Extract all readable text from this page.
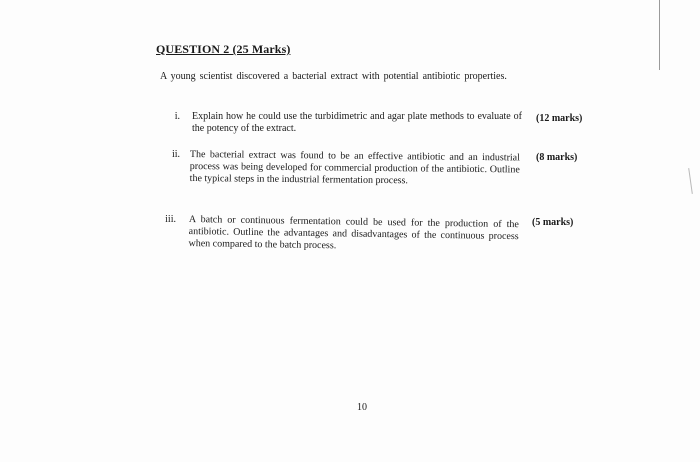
QUESTION 2 (25 Marks)
A young scientist discovered a bacterial extract with potential antibiotic properties.
i. Explain how he could use the turbidimetric and agar plate methods to evaluate of the potency of the extract.
(12 marks)
ii. The bacterial extract was found to be an effective antibiotic and an industrial process was being developed for commercial production of the antibiotic. Outline the typical steps in the industrial fermentation process.
(8 marks)
iii. A batch or continuous fermentation could be used for the production of the antibiotic. Outline the advantages and disadvantages of the continuous process when compared to the batch process.
(5 marks)
10
